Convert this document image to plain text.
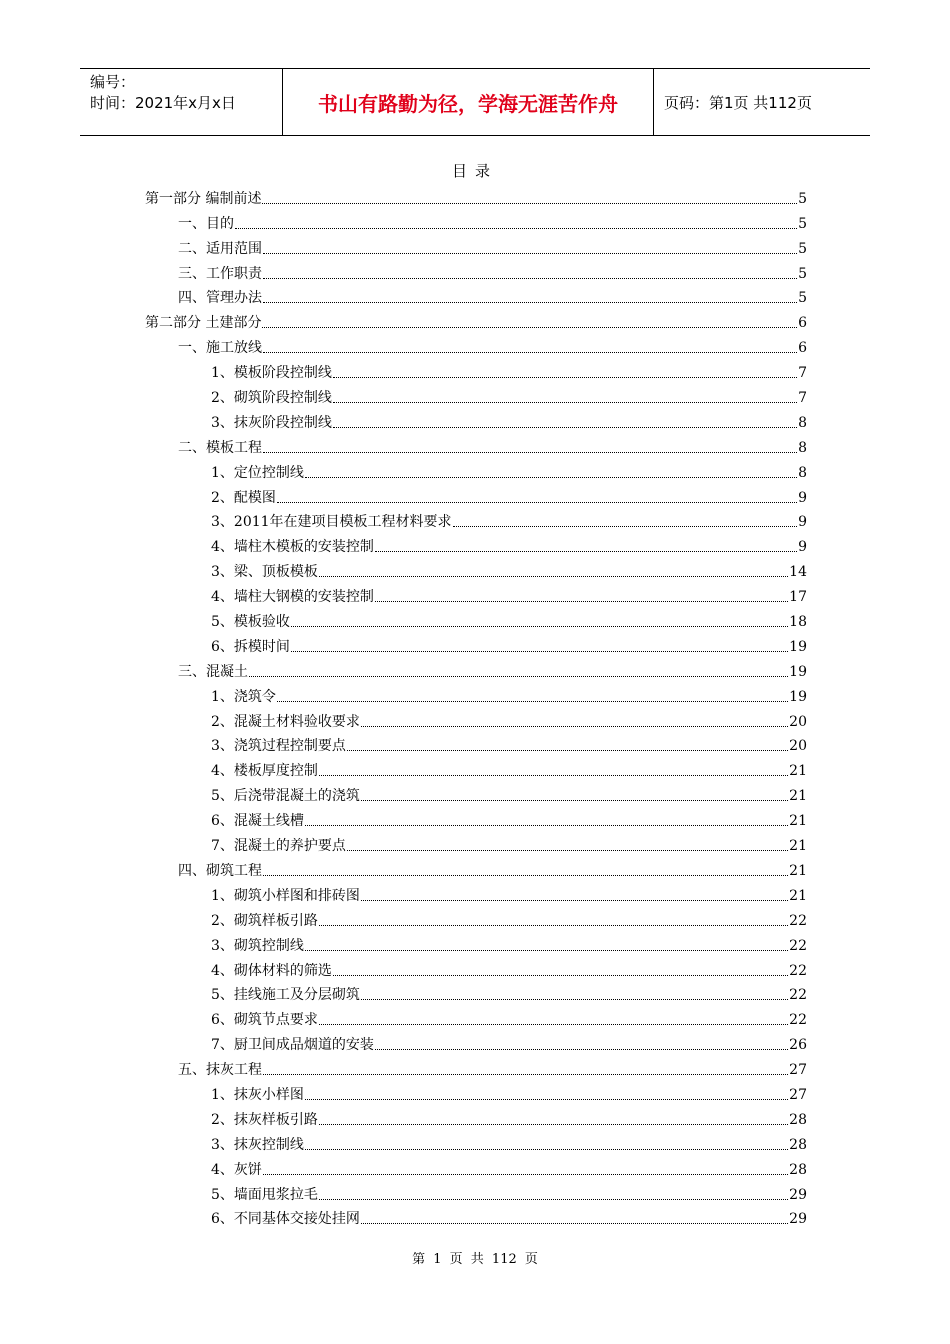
编号：
时间：2021年x月x日	书山有路勤为径，学海无涯苦作舟	页码：第1页 共112页
目录
第一部分 编制前述	5
一、目的	5
二、适用范围	5
三、工作职责	5
四、管理办法	5
第二部分 土建部分	6
一、施工放线	6
1、模板阶段控制线	7
2、砌筑阶段控制线	7
3、抹灰阶段控制线	8
二、模板工程	8
1、定位控制线	8
2、配模图	9
3、2011年在建项目模板工程材料要求	9
4、墙柱木模板的安装控制	9
3、梁、顶板模板	14
4、墙柱大钢模的安装控制	17
5、模板验收	18
6、拆模时间	19
三、混凝土	19
1、浇筑令	19
2、混凝土材料验收要求	20
3、浇筑过程控制要点	20
4、楼板厚度控制	21
5、后浇带混凝土的浇筑	21
6、混凝土线槽	21
7、混凝土的养护要点	21
四、砌筑工程	21
1、砌筑小样图和排砖图	21
2、砌筑样板引路	22
3、砌筑控制线	22
4、砌体材料的筛选	22
5、挂线施工及分层砌筑	22
6、砌筑节点要求	22
7、厨卫间成品烟道的安装	26
五、抹灰工程	27
1、抹灰小样图	27
2、抹灰样板引路	28
3、抹灰控制线	28
4、灰饼	28
5、墙面甩浆拉毛	29
6、不同基体交接处挂网	29
第 1 页 共 112 页
